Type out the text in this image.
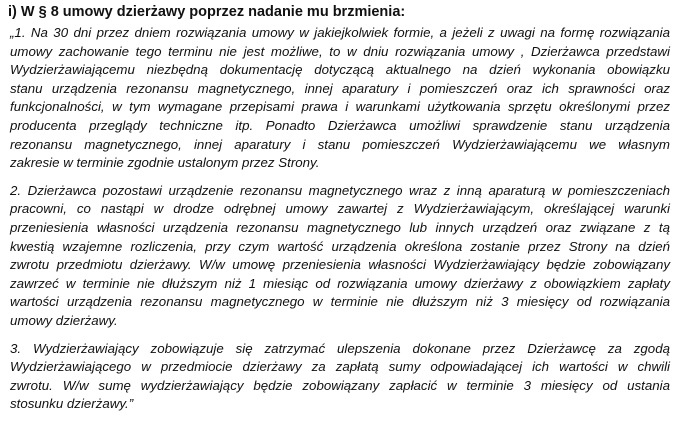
i) W § 8 umowy dzierżawy poprzez nadanie mu brzmienia:
„1. Na 30 dni przez dniem rozwiązania umowy w jakiejkolwiek formie, a jeżeli z uwagi na formę rozwiązania
umowy zachowanie tego terminu nie jest możliwe, to w dniu rozwiązania umowy , Dzierżawca przedstawi
Wydzierżawiającemu niezbędną dokumentację dotyczącą aktualnego na dzień wykonania obowiązku
stanu urządzenia rezonansu magnetycznego, innej aparatury i pomieszczeń oraz ich sprawności oraz
funkcjonalności, w tym wymagane przepisami prawa i warunkami użytkowania sprzętu określonymi przez
producenta przeglądy techniczne itp. Ponadto Dzierżawca umożliwi sprawdzenie stanu urządzenia
rezonansu magnetycznego, innej aparatury i stanu pomieszczeń Wydzierżawiającemu we własnym
zakresie w terminie zgodnie ustalonym przez Strony.
2. Dzierżawca pozostawi urządzenie rezonansu magnetycznego wraz z inną aparaturą w pomieszczeniach
pracowni, co nastąpi w drodze odrębnej umowy zawartej z Wydzierżawiającym, określającej warunki
przeniesienia własności urządzenia rezonansu magnetycznego lub innych urządzeń oraz związane z tą
kwestią wzajemne rozliczenia, przy czym wartość urządzenia określona zostanie przez Strony na dzień
zwrotu przedmiotu dzierżawy. W/w umowę przeniesienia własności Wydzierżawiający będzie zobowiązany
zawrzeć w terminie nie dłuższym niż 1 miesiąc od rozwiązania umowy dzierżawy z obowiązkiem zapłaty
wartości urządzenia rezonansu magnetycznego w terminie nie dłuższym niż 3 miesięcy od rozwiązania
umowy dzierżawy.
3. Wydzierżawiający zobowiązuje się zatrzymać ulepszenia dokonane przez Dzierżawcę za zgodą
Wydzierżawiającego w przedmiocie dzierżawy za zapłatą sumy odpowiadającej ich wartości w chwili
zwrotu. W/w sumę wydzierżawiający będzie zobowiązany zapłacić w terminie 3 miesięcy od ustania
stosunku dzierżawy.”
